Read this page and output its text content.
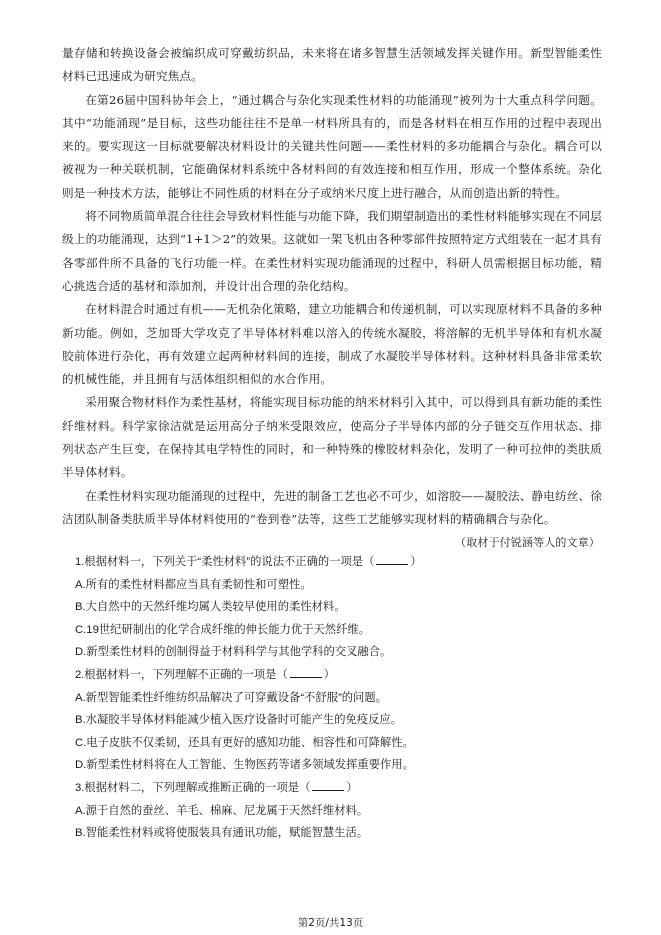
量存储和转换设备会被编织成可穿戴纺织品，未来将在诸多智慧生活领域发挥关键作用。新型智能柔性材料已迅速成为研究焦点。

在第26届中国科协年会上，“通过耦合与杂化实现柔性材料的功能涌现”被列为十大重点科学问题。其中“功能涌现”是目标，这些功能往往不是单一材料所具有的，而是各材料在相互作用的过程中表现出来的。要实现这一目标就要解决材料设计的关键共性问题——柔性材料的多功能耦合与杂化。耦合可以被视为一种关联机制，它能确保材料系统中各材料间的有效连接和相互作用，形成一个整体系统。杂化则是一种技术方法，能够让不同性质的材料在分子或纳米尺度上进行融合，从而创造出新的特性。

将不同物质简单混合往往会导致材料性能与功能下降，我们期望制造出的柔性材料能够实现在不同层级上的功能涌现，达到“1+1＞2”的效果。这就如一架飞机由各种零部件按照特定方式组装在一起才具有各零部件所不具备的飞行功能一样。在柔性材料实现功能涌现的过程中，科研人员需根据目标功能，精心挑选合适的基材和添加剂，并设计出合理的杂化结构。

在材料混合时通过有机——无机杂化策略，建立功能耦合和传递机制，可以实现原材料不具备的多种新功能。例如，芝加哥大学攻克了半导体材料难以溶入的传统水凝胶，将溶解的无机半导体和有机水凝胶前体进行杂化，再有效建立起两种材料间的连接，制成了水凝胶半导体材料。这种材料具备非常柔软的机械性能，并且拥有与活体组织相似的水合作用。

采用聚合物材料作为柔性基材，将能实现目标功能的纳米材料引入其中，可以得到具有新功能的柔性纤维材料。科学家徐洁就是运用高分子纳米受限效应，使高分子半导体内部的分子链交互作用状态、排列状态产生巨变，在保持其电学特性的同时，和一种特殊的橡胶材料杂化，发明了一种可拉伸的类肤质半导体材料。

在柔性材料实现功能涌现的过程中，先进的制备工艺也必不可少，如溶胶——凝胶法、静电纺丝、徐洁团队制备类肤质半导体材料使用的“卷到卷”法等，这些工艺能够实现材料的精确耦合与杂化。

（取材于付锐涵等人的文章）

1.根据材料一，下列关于“柔性材料”的说法不正确的一项是（	）
A.所有的柔性材料都应当具有柔韧性和可塑性。
B.大自然中的天然纤维均属人类较早使用的柔性材料。
C.19世纪研制出的化学合成纤维的伸长能力优于天然纤维。
D.新型柔性材料的创制得益于材料科学与其他学科的交叉融合。
2.根据材料一，下列理解不正确的一项是（	）
A.新型智能柔性纤维纺织品解决了可穿戴设备“不舒服”的问题。
B.水凝胶半导体材料能减少植入医疗设备时可能产生的免疫反应。
C.电子皮肤不仅柔韧，还具有更好的感知功能、相容性和可降解性。
D.新型柔性材料将在人工智能、生物医药等诸多领域发挥重要作用。
3.根据材料二，下列理解或推断正确的一项是（	）
A.源于自然的蚕丝、羊毛、棉麻、尼龙属于天然纤维材料。
B.智能柔性材料或将使服装具有通讯功能，赋能智慧生活。
第2页/共13页
